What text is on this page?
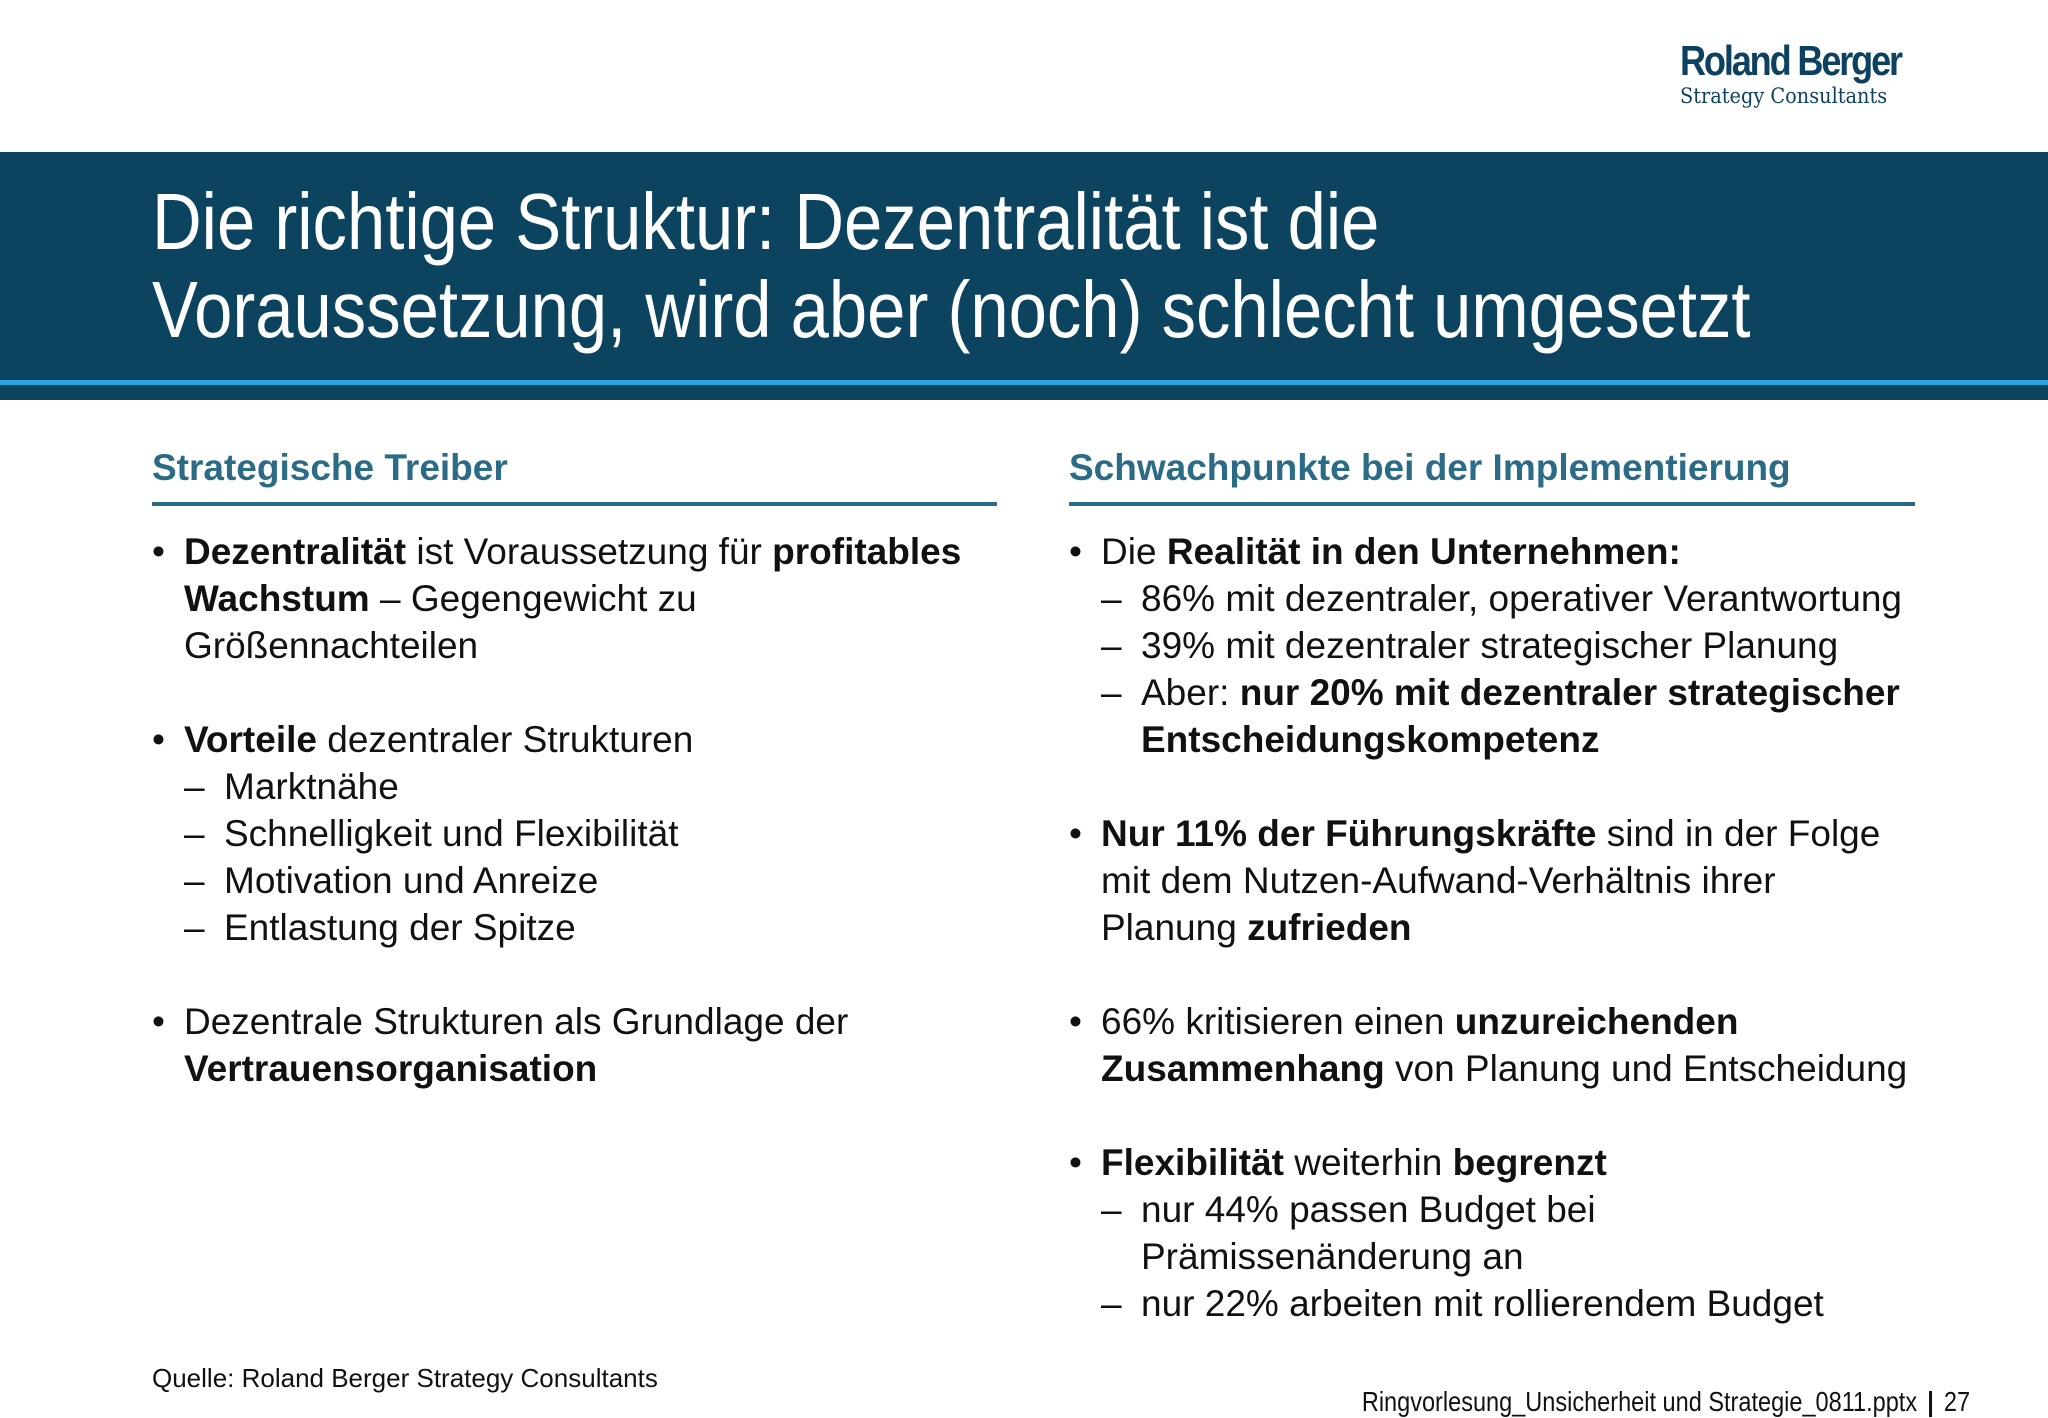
Roland Berger
Strategy Consultants
Die richtige Struktur: Dezentralität ist die
Voraussetzung, wird aber (noch) schlecht umgesetzt
Strategische Treiber
• Dezentralität ist Voraussetzung für profitables Wachstum – Gegengewicht zu Größennachteilen
• Vorteile dezentraler Strukturen
– Marktnähe
– Schnelligkeit und Flexibilität
– Motivation und Anreize
– Entlastung der Spitze
• Dezentrale Strukturen als Grundlage der Vertrauensorganisation
Schwachpunkte bei der Implementierung
• Die Realität in den Unternehmen:
– 86% mit dezentraler, operativer Verantwortung
– 39% mit dezentraler strategischer Planung
– Aber: nur 20% mit dezentraler strategischer Entscheidungskompetenz
• Nur 11% der Führungskräfte sind in der Folge mit dem Nutzen-Aufwand-Verhältnis ihrer Planung zufrieden
• 66% kritisieren einen unzureichenden Zusammenhang von Planung und Entscheidung
• Flexibilität weiterhin begrenzt
– nur 44% passen Budget bei Prämissenänderung an
– nur 22% arbeiten mit rollierendem Budget
Quelle: Roland Berger Strategy Consultants
Ringvorlesung_Unsicherheit und Strategie_0811.pptx | 27
